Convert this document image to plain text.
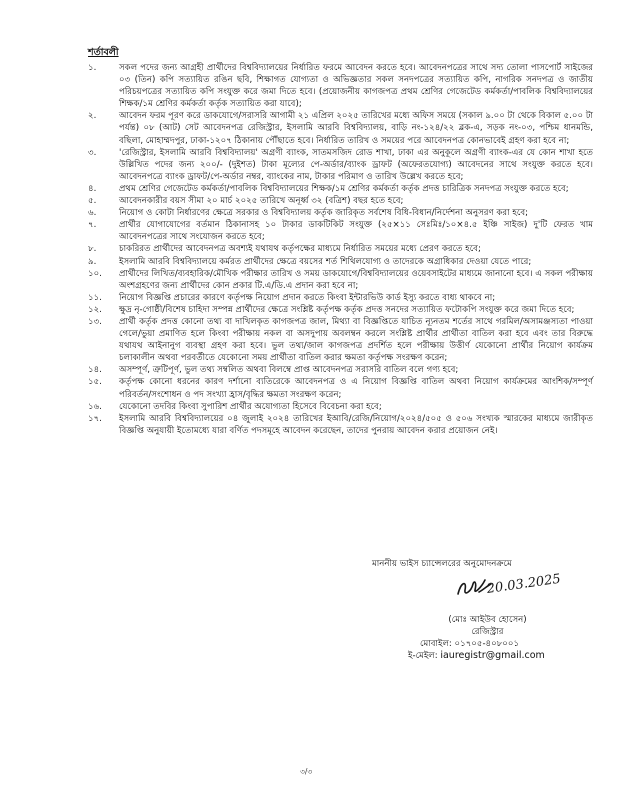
শর্তাবলী
১.	সকল পদের জন্য আগ্রহী প্রার্থীদের বিশ্ববিদ্যালয়ের নির্ধারিত ফরমে আবেদন করতে হবে। আবেদনপত্রের সাথে সদ্য তোলা পাসপোর্ট সাইজের ০৩ (তিন) কপি সত্যায়িত রঙিন ছবি, শিক্ষাগত যোগ্যতা ও অভিজ্ঞতার সকল সনদপত্রের সত্যায়িত কপি, নাগরিক সনদপত্র ও জাতীয় পরিচয়পত্রের সত্যায়িত কপি সংযুক্ত করে জমা দিতে হবে। (প্রয়োজনীয় কাগজপত্র প্রথম শ্রেণির গেজেটেড কর্মকর্তা/পাবলিক বিশ্ববিদ্যালয়ের শিক্ষক/১ম শ্রেণির কর্মকর্তা কর্তৃক সত্যায়িত করা যাবে);
২.	আবেদন ফরম পূরণ করে ডাকযোগে/সরাসরি আগামী ২১ এপ্রিল ২০২৫ তারিখের মধ্যে অফিস সময়ে (সকাল ৯.০০ টা থেকে বিকাল ৫.০০ টা পর্যন্ত) ০৮ (আট) সেট আবেদনপত্র রেজিস্ট্রার, ইসলামি আরবি বিশ্ববিদ্যালয়, বাড়ি নং-১২৪/২২ ব্লক-এ, সড়ক নং-০৩, পশ্চিম ধানমন্ডি, বছিলা, মোহাম্মদপুর, ঢাকা-১২০৭ ঠিকানায় পৌঁছাতে হবে। নির্ধারিত তারিখ ও সময়ের পরে আবেদনপত্র কোনভাবেই গ্রহণ করা হবে না;
৩.	'রেজিস্ট্রার, ইসলামি আরবি বিশ্ববিদ্যালয়' অগ্রণী ব্যাংক, সাতমসজিদ রোড শাখা, ঢাকা এর অনুকূলে অগ্রণী ব্যাংক-এর যে কোন শাখা হতে উল্লিখিত পদের জন্য ২০০/- (দুইশত) টাকা মূল্যের পে-অর্ডার/ব্যাংক ড্রাফট (অফেরতযোগ্য) আবেদনের সাথে সংযুক্ত করতে হবে। আবেদনপত্রে ব্যাংক ড্রাফট/পে-অর্ডার নম্বর, ব্যাংকের নাম, টাকার পরিমাণ ও তারিখ উল্লেখ করতে হবে;
৪.	প্রথম শ্রেণির গেজেটেড কর্মকর্তা/পাবলিক বিশ্ববিদ্যালয়ের শিক্ষক/১ম শ্রেণির কর্মকর্তা কর্তৃক প্রদত্ত চারিত্রিক সনদপত্র সংযুক্ত করতে হবে;
৫.	আবেদনকারীর বয়স সীমা ২০ মার্চ ২০২৫ তারিখে অনূর্ধ্ব ৩২ (বত্রিশ) বছর হতে হবে;
৬.	নিয়োগ ও কোটা নির্ধারণের ক্ষেত্রে সরকার ও বিশ্ববিদ্যালয় কর্তৃক জারিকৃত সর্বশেষ বিধি-বিধান/নির্দেশনা অনুসরণ করা হবে;
৭.	প্রার্থীর যোগাযোগের বর্তমান ঠিকানাসহ ১০ টাকার ডাকটিকিট সংযুক্ত (২৫×১১ সেঃমিঃ/১০×৪.৫ ইঞ্চি সাইজ) দু'টি ফেরত খাম আবেদনপত্রের সাথে সংযোজন করতে হবে;
৮.	চাকরিরত প্রার্থীদের আবেদনপত্র অবশ্যই যথাযথ কর্তৃপক্ষের মাধ্যমে নির্ধারিত সময়ের মধ্যে প্রেরণ করতে হবে;
৯.	ইসলামি আরবি বিশ্ববিদ্যালয়ে কর্মরত প্রার্থীদের ক্ষেত্রে বয়সের শর্ত শিথিলযোগ্য ও তাদেরকে অগ্রাধিকার দেওয়া যেতে পারে;
১০.	প্রার্থীদের লিখিত/ব্যবহারিক/মৌখিক পরীক্ষার তারিখ ও সময় ডাকযোগে/বিশ্ববিদ্যালয়ের ওয়েবসাইটের মাধ্যমে জানানো হবে। এ সকল পরীক্ষায় অংশগ্রহণের জন্য প্রার্থীদের কোন প্রকার টি.এ/ডি.এ প্রদান করা হবে না;
১১.	নিয়োগ বিজ্ঞপ্তি প্রচারের কারণে কর্তৃপক্ষ নিয়োগ প্রদান করতে কিংবা ইন্টারভিউ কার্ড ইস্যু করতে বাধ্য থাকবে না;
১২.	ক্ষুদ্র নৃ-গোষ্ঠী/বিশেষ চাহিদা সম্পন্ন প্রার্থীদের ক্ষেত্রে সংশ্লিষ্ট কর্তৃপক্ষ কর্তৃক প্রদত্ত সনদের সত্যায়িত ফটোকপি সংযুক্ত করে জমা দিতে হবে;
১৩.	প্রার্থী কর্তৃক প্রদত্ত কোনো তথ্য বা দাখিলকৃত কাগজপত্র জাল, মিথ্যা বা বিজ্ঞপ্তিতে যাচিত ন্যূনতম শর্তের সাথে গরমিল/অসামঞ্জস্যতা পাওয়া গেলে/ভুয়া প্রমাণিত হলে কিংবা পরীক্ষায় নকল বা অসদুপায় অবলম্বন করলে সংশ্লিষ্ট প্রার্থীর প্রার্থীতা বাতিল করা হবে এবং তার বিরুদ্ধে যথাযথ আইনানুগ ব্যবস্থা গ্রহণ করা হবে। ভুল তথ্য/জাল কাগজপত্র প্রদর্শিত হলে পরীক্ষায় উত্তীর্ণ যেকোনো প্রার্থীর নিয়োগ কার্যক্রম চলাকালীন অথবা পরবর্তীতে যেকোনো সময় প্রার্থীতা বাতিল করার ক্ষমতা কর্তৃপক্ষ সংরক্ষণ করেন;
১৪.	অসম্পূর্ণ, ত্রুটিপূর্ণ, ভুল তথ্য সম্বলিত অথবা বিলম্বে প্রাপ্ত আবেদনপত্র সরাসরি বাতিল বলে গণ্য হবে;
১৫.	কর্তৃপক্ষ কোনো ধরনের কারণ দর্শানো ব্যতিরেকে আবেদনপত্র ও এ নিয়োগ বিজ্ঞপ্তি বাতিল অথবা নিয়োগ কার্যক্রমের আংশিক/সম্পূর্ণ পরিবর্তন/সংশোধন ও পদ সংখ্যা হ্রাস/বৃদ্ধির ক্ষমতা সংরক্ষণ করেন;
১৬.	যেকোনো তদবির কিংবা সুপারিশ প্রার্থীর অযোগ্যতা হিসেবে বিবেচনা করা হবে;
১৭.	ইসলামি আরবি বিশ্ববিদ্যালয়ের ০৪ জুলাই ২০২৪ তারিখের ইআবি/রেজি/নিয়োগ/২০২৪/৫০৫ ও ৫০৬ সংখ্যক স্মারকের মাধ্যমে জারীকৃত বিজ্ঞপ্তি অনুযায়ী ইতোমধ্যে যারা বর্ণিত পদসমূহে আবেদন করেছেন, তাদের পুনরায় আবেদন করার প্রয়োজন নেই।
মাননীয় ভাইস চ্যান্সেলরের অনুমোদনক্রমে
20.03.2025
(মোঃ আইউব হোসেন)
রেজিস্ট্রার
মোবাইল: ০১৭০৫-৪০৮০০১
ই-মেইল: iauregistr@gmail.com
৩/৩
